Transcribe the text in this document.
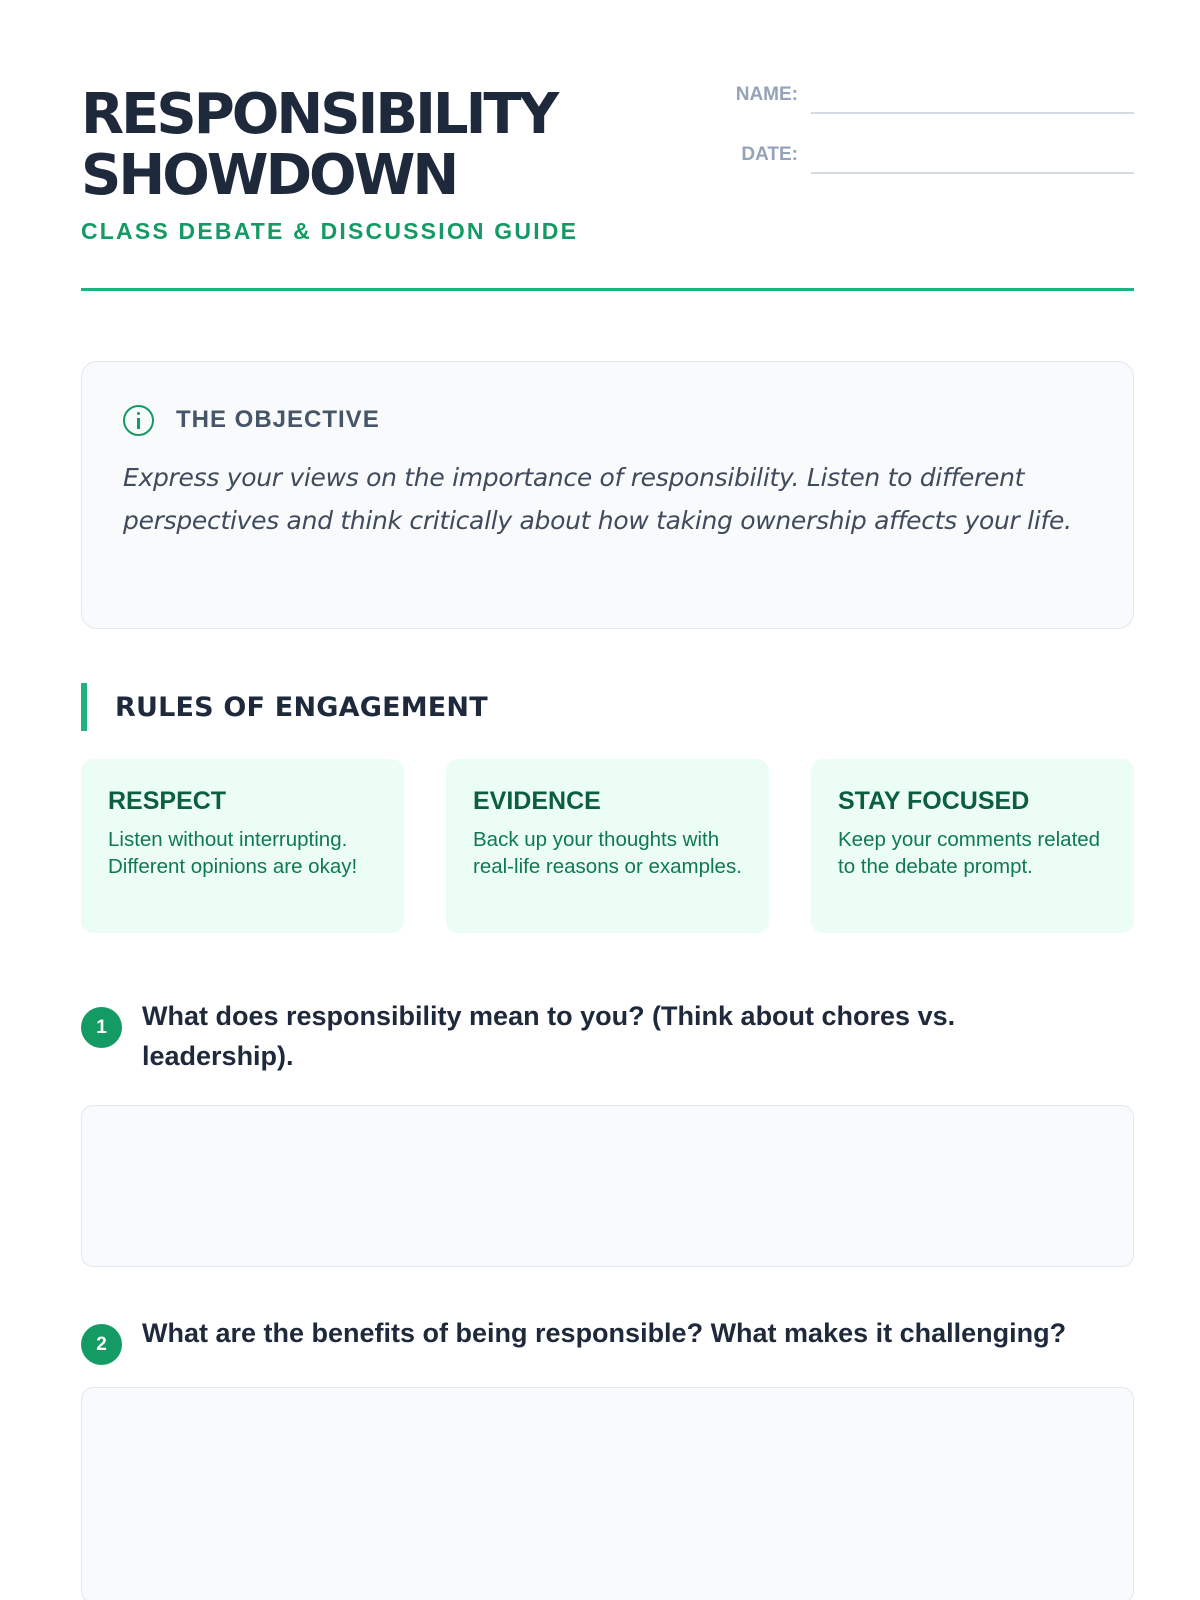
RESPONSIBILITY
SHOWDOWN
CLASS DEBATE & DISCUSSION GUIDE
NAME:
DATE:
THE OBJECTIVE
Express your views on the importance of responsibility. Listen to different perspectives and think critically about how taking ownership affects your life.
RULES OF ENGAGEMENT
RESPECT
Listen without interrupting. Different opinions are okay!
EVIDENCE
Back up your thoughts with real-life reasons or examples.
STAY FOCUSED
Keep your comments related to the debate prompt.
1	What does responsibility mean to you? (Think about chores vs. leadership).
2	What are the benefits of being responsible? What makes it challenging?
